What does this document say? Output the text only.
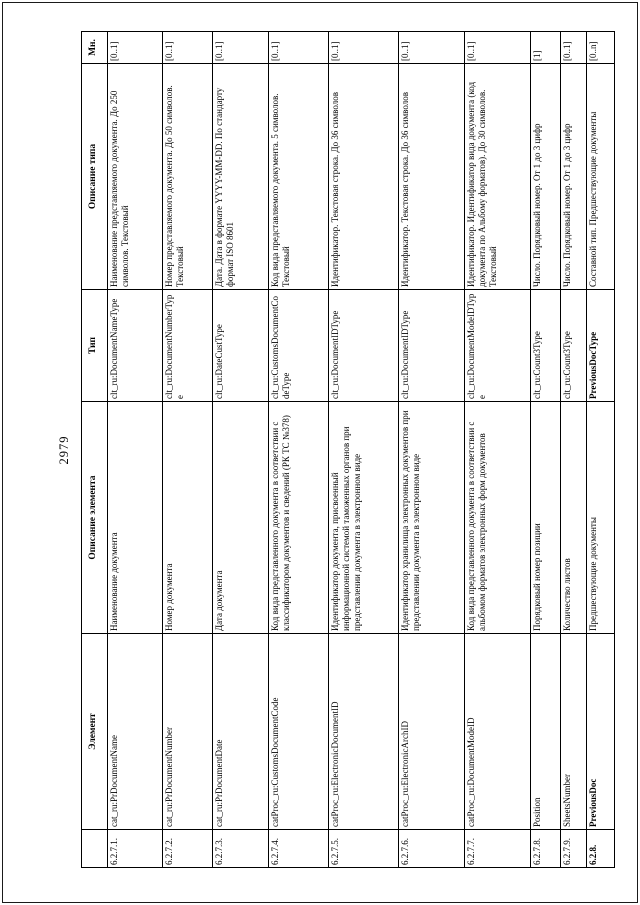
2979
	Элемент	Описание элемента	Тип	Описание типа	Мн.
6.2.7.1.	cat_ru:PrDocumentName	Наименование документа	clt_ru:DocumentNameType	Наименование представляемого документа. До 250 символов. Текстовый	[0..1]
6.2.7.2.	cat_ru:PrDocumentNumber	Номер документа	clt_ru:DocumentNumberType	Номер представляемого документа. До 50 символов. Текстовый	[0..1]
6.2.7.3.	cat_ru:PrDocumentDate	Дата документа	clt_ru:DateCustType	Дата. Дата в формате YYYY-MM-DD. По стандарту формат ISO 8601	[0..1]
6.2.7.4.	catProc_ru:CustomsDocumentCode	Код вида представленного документа в соответствии с классификатором документов и сведений (РК ТС №378)	clt_ru:CustomsDocumentCodeType	Код вида представляемого документа. 5 символов. Текстовый	[0..1]
6.2.7.5.	catProc_ru:ElectronicDocumentID	Идентификатор документа, присвоенный информационной системой таможенных органов при представлении документа в электронном виде	clt_ru:DocumentIDType	Идентификатор. Текстовая строка. До 36 символов	[0..1]
6.2.7.6.	catProc_ru:ElectronicArchID	Идентификатор хранилища электронных документов при представлении документа в электронном виде	clt_ru:DocumentIDType	Идентификатор. Текстовая строка. До 36 символов	[0..1]
6.2.7.7.	catProc_ru:DocumentModeID	Код вида представленного документа в соответствии с альбомом форматов электронных форм документов	clt_ru:DocumentModeIDType	Идентификатор. Идентификатор вида документа (код документа по Альбому форматов). До 30 символов. Текстовый	[0..1]
6.2.7.8.	Position	Порядковый номер позиции	clt_ru:Count3Type	Число. Порядковый номер. От 1 до 3 цифр	[1]
6.2.7.9.	SheetsNumber	Количество листов	clt_ru:Count3Type	Число. Порядковый номер. От 1 до 3 цифр	[0..1]
6.2.8.	PreviousDoc	Предшествующие документы	PreviousDocType	Составной тип. Предшествующие документы	[0..n]
